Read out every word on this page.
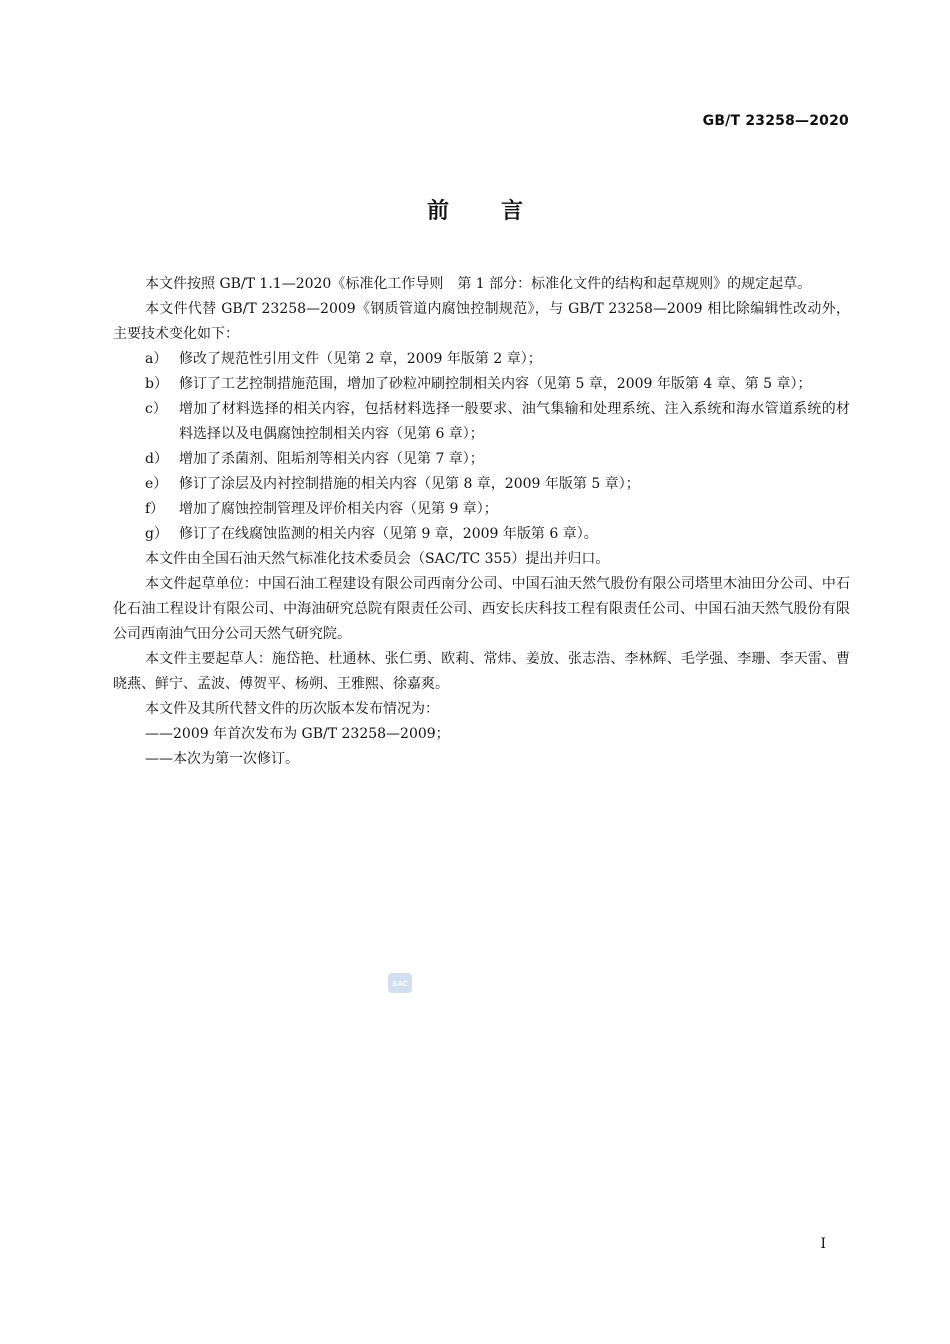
GB/T 23258—2020
前言

本文件按照 GB/T 1.1—2020《标准化工作导则　第 1 部分：标准化文件的结构和起草规则》的规定起草。

本文件代替 GB/T 23258—2009《钢质管道内腐蚀控制规范》，与 GB/T 23258—2009 相比除编辑性改动外，主要技术变化如下：

a） 修改了规范性引用文件（见第 2 章，2009 年版第 2 章）；
b） 修订了工艺控制措施范围，增加了砂粒冲刷控制相关内容（见第 5 章，2009 年版第 4 章、第 5 章）；
c） 增加了材料选择的相关内容，包括材料选择一般要求、油气集输和处理系统、注入系统和海水管道系统的材料选择以及电偶腐蚀控制相关内容（见第 6 章）；
d） 增加了杀菌剂、阻垢剂等相关内容（见第 7 章）；
e） 修订了涂层及内衬控制措施的相关内容（见第 8 章，2009 年版第 5 章）；
f）	增加了腐蚀控制管理及评价相关内容（见第 9 章）；
g） 修订了在线腐蚀监测的相关内容（见第 9 章，2009 年版第 6 章）。

本文件由全国石油天然气标准化技术委员会（SAC/TC 355）提出并归口。

本文件起草单位：中国石油工程建设有限公司西南分公司、中国石油天然气股份有限公司塔里木油田分公司、中石化石油工程设计有限公司、中海油研究总院有限责任公司、西安长庆科技工程有限责任公司、中国石油天然气股份有限公司西南油气田分公司天然气研究院。

本文件主要起草人：施岱艳、杜通林、张仁勇、欧莉、常炜、姜放、张志浩、李林辉、毛学强、李珊、李天雷、曹晓燕、鲜宁、孟波、傅贺平、杨朔、王雅熙、徐嘉爽。

本文件及其所代替文件的历次版本发布情况为：

——2009 年首次发布为 GB/T 23258—2009；

——本次为第一次修订。

SAC
I
